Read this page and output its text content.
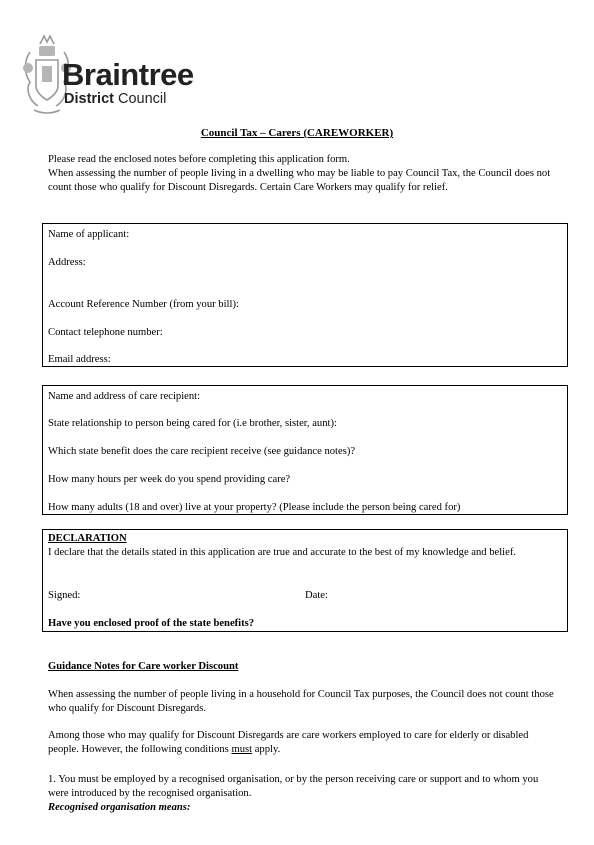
Braintree
District Council
Council Tax – Carers (CAREWORKER)
Please read the enclosed notes before completing this application form.
When assessing the number of people living in a dwelling who may be liable to pay Council Tax, the Council does not count those who qualify for Discount Disregards. Certain Care Workers may qualify for relief.
Name of applicant:
Address:
Account Reference Number (from your bill):
Contact telephone number:
Email address:
Name and address of care recipient:
State relationship to person being cared for (i.e brother, sister, aunt):
Which state benefit does the care recipient receive (see guidance notes)?
How many hours per week do you spend providing care?
How many adults (18 and over) live at your property? (Please include the person being cared for)
DECLARATION
I declare that the details stated in this application are true and accurate to the best of my knowledge and belief.
Signed:	Date:
Have you enclosed proof of the state benefits?
Guidance Notes for Care worker Discount
When assessing the number of people living in a household for Council Tax purposes, the Council does not count those who qualify for Discount Disregards.
Among those who may qualify for Discount Disregards are care workers employed to care for elderly or disabled people. However, the following conditions must apply.
1. You must be employed by a recognised organisation, or by the person receiving care or support and to whom you were introduced by the recognised organisation.
Recognised organisation means:
